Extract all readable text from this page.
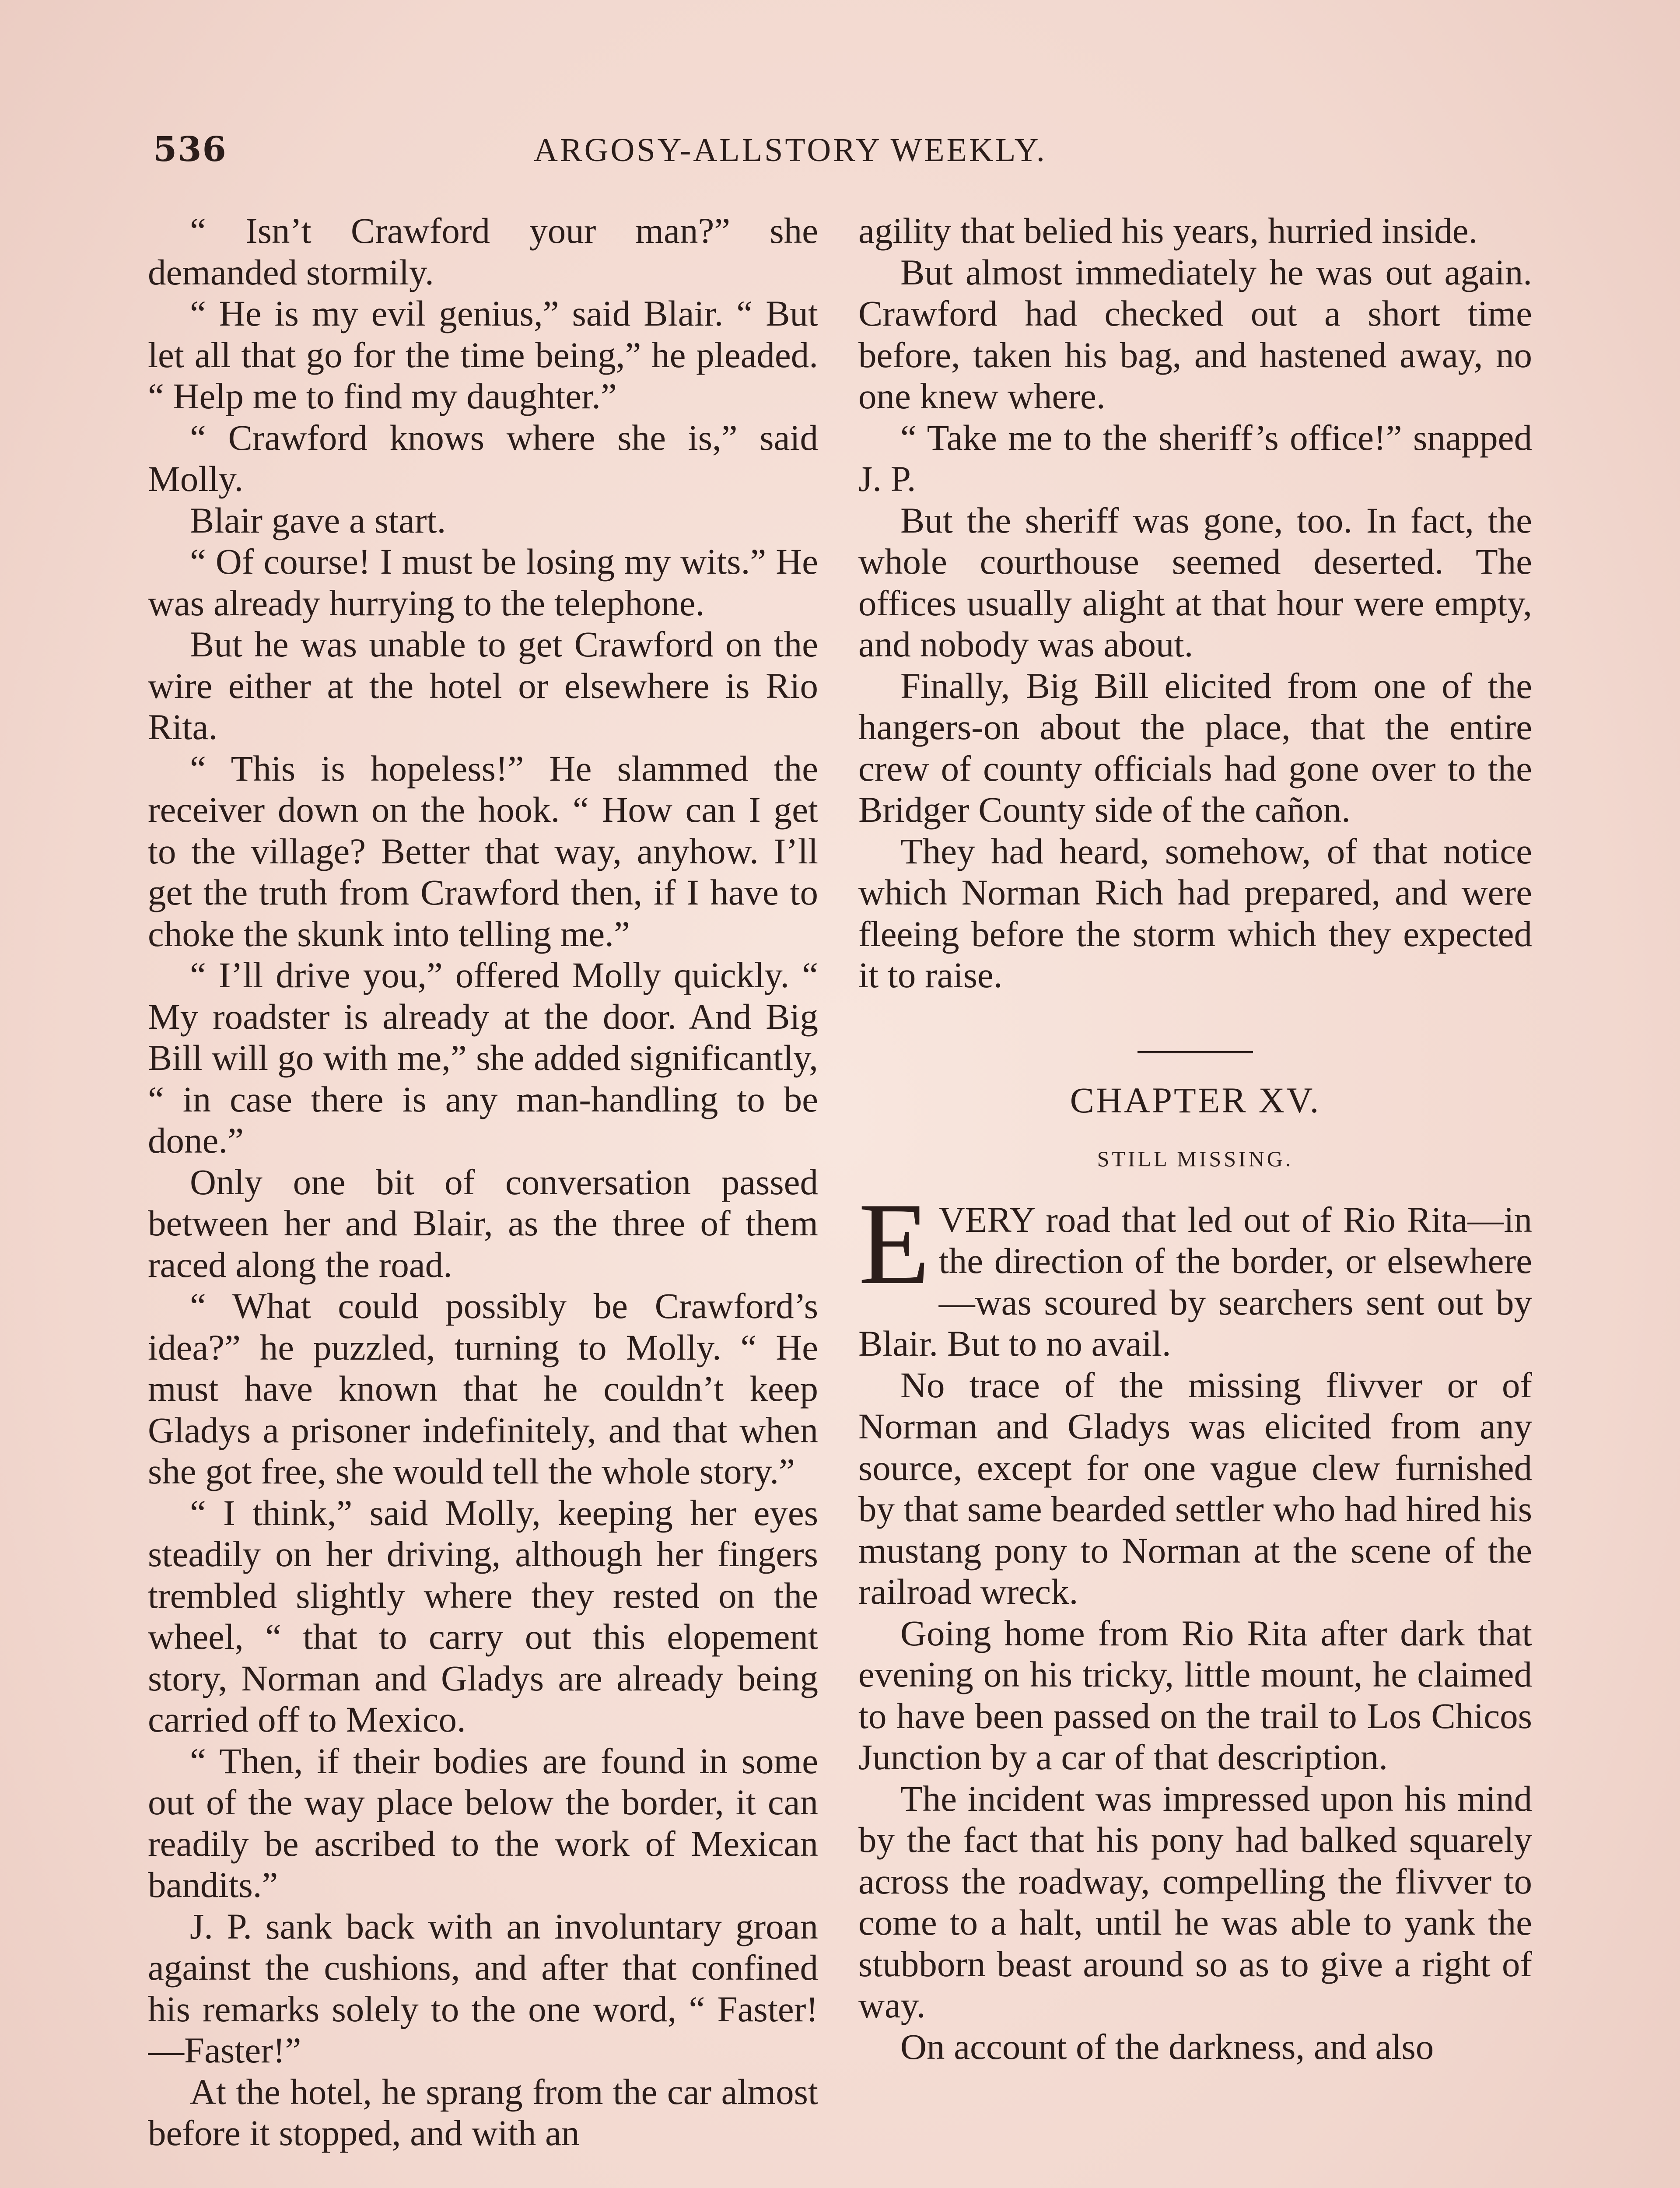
536	ARGOSY-ALLSTORY WEEKLY.

“ Isn’t Crawford your man?” she demanded stormily.

“ He is my evil genius,” said Blair. “ But let all that go for the time being,” he pleaded. “ Help me to find my daughter.”

“ Crawford knows where she is,” said Molly.

Blair gave a start.

“ Of course! I must be losing my wits.” He was already hurrying to the telephone.

But he was unable to get Crawford on the wire either at the hotel or elsewhere is Rio Rita.

“ This is hopeless!” He slammed the receiver down on the hook. “ How can I get to the village? Better that way, anyhow. I’ll get the truth from Crawford then, if I have to choke the skunk into telling me.”

“ I’ll drive you,” offered Molly quickly. “ My roadster is already at the door. And Big Bill will go with me,” she added significantly, “ in case there is any man-handling to be done.”

Only one bit of conversation passed between her and Blair, as the three of them raced along the road.

“ What could possibly be Crawford’s idea?” he puzzled, turning to Molly. “ He must have known that he couldn’t keep Gladys a prisoner indefinitely, and that when she got free, she would tell the whole story.”

“ I think,” said Molly, keeping her eyes steadily on her driving, although her fingers trembled slightly where they rested on the wheel, “ that to carry out this elopement story, Norman and Gladys are already being carried off to Mexico.

“ Then, if their bodies are found in some out of the way place below the border, it can readily be ascribed to the work of Mexican bandits.”

J. P. sank back with an involuntary groan against the cushions, and after that confined his remarks solely to the one word, “ Faster!—Faster!”

At the hotel, he sprang from the car almost before it stopped, and with an

agility that belied his years, hurried inside.

But almost immediately he was out again. Crawford had checked out a short time before, taken his bag, and hastened away, no one knew where.

“ Take me to the sheriff’s office!” snapped J. P.

But the sheriff was gone, too. In fact, the whole courthouse seemed deserted. The offices usually alight at that hour were empty, and nobody was about.

Finally, Big Bill elicited from one of the hangers-on about the place, that the entire crew of county officials had gone over to the Bridger County side of the cañon.

They had heard, somehow, of that notice which Norman Rich had prepared, and were fleeing before the storm which they expected it to raise.

CHAPTER XV.
STILL MISSING.

EVERY road that led out of Rio Rita—in the direction of the border, or elsewhere—was scoured by searchers sent out by Blair. But to no avail.

No trace of the missing flivver or of Norman and Gladys was elicited from any source, except for one vague clew furnished by that same bearded settler who had hired his mustang pony to Norman at the scene of the railroad wreck.

Going home from Rio Rita after dark that evening on his tricky, little mount, he claimed to have been passed on the trail to Los Chicos Junction by a car of that description.

The incident was impressed upon his mind by the fact that his pony had balked squarely across the roadway, compelling the flivver to come to a halt, until he was able to yank the stubborn beast around so as to give a right of way.

On account of the darkness, and also
